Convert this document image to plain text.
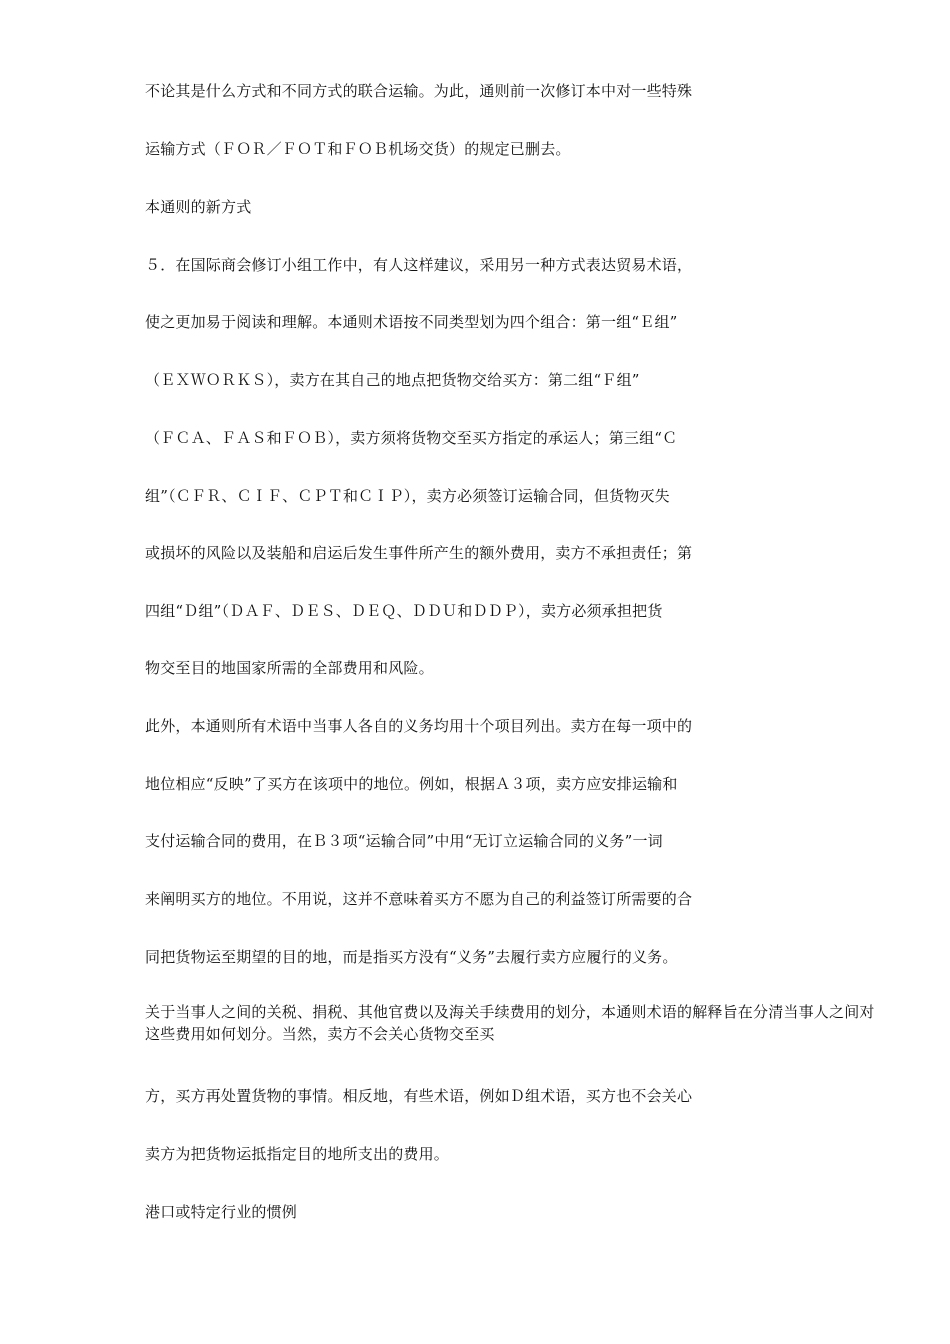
不论其是什么方式和不同方式的联合运输。为此，通则前一次修订本中对一些特殊
运输方式（ＦＯＲ／ＦＯＴ和ＦＯＢ机场交货）的规定已删去。
本通则的新方式
５．在国际商会修订小组工作中，有人这样建议，采用另一种方式表达贸易术语，
使之更加易于阅读和理解。本通则术语按不同类型划为四个组合：第一组“Ｅ组”
（ＥＸＷＯＲＫＳ），卖方在其自己的地点把货物交给买方：第二组“Ｆ组”
（ＦＣＡ、ＦＡＳ和ＦＯＢ），卖方须将货物交至买方指定的承运人；第三组“Ｃ
组”（ＣＦＲ、ＣＩＦ、ＣＰＴ和ＣＩＰ），卖方必须签订运输合同，但货物灭失
或损坏的风险以及装船和启运后发生事件所产生的额外费用，卖方不承担责任；第
四组“Ｄ组”（ＤＡＦ、ＤＥＳ、ＤＥＱ、ＤＤＵ和ＤＤＰ），卖方必须承担把货
物交至目的地国家所需的全部费用和风险。
此外，本通则所有术语中当事人各自的义务均用十个项目列出。卖方在每一项中的
地位相应“反映”了买方在该项中的地位。例如，根据Ａ３项，卖方应安排运输和
支付运输合同的费用，在Ｂ３项“运输合同”中用“无订立运输合同的义务”一词
来阐明买方的地位。不用说，这并不意味着买方不愿为自己的利益签订所需要的合
同把货物运至期望的目的地，而是指买方没有“义务”去履行卖方应履行的义务。
关于当事人之间的关税、捐税、其他官费以及海关手续费用的划分，本通则术语的解释旨在分清当事人之间对这些费用如何划分。当然，卖方不会关心货物交至买
方，买方再处置货物的事情。相反地，有些术语，例如Ｄ组术语，买方也不会关心
卖方为把货物运抵指定目的地所支出的费用。
港口或特定行业的惯例
